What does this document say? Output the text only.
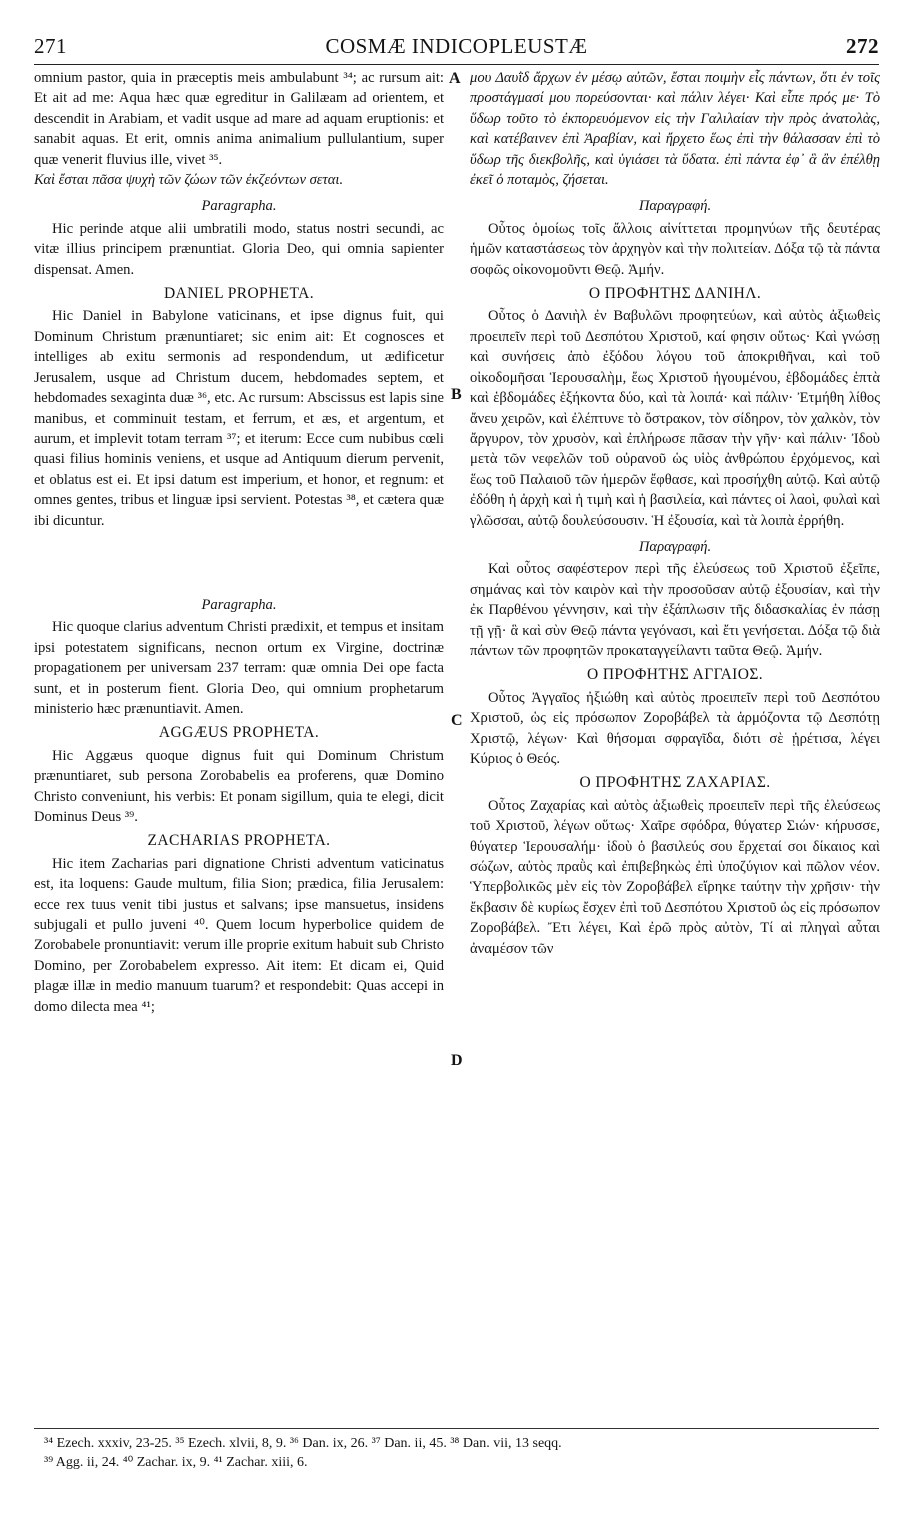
271	COSMÆ INDICOPLEUSTÆ	272

omnium pastor, quia in præceptis meis ambulabunt ³⁴; ac rursum ait: Et ait ad me: Aqua hæc quæ egreditur in Galilæam ad orientem, et descendit in Arabiam, et vadit usque ad mare ad aquam eruptionis: et sanabit aquas. Et erit, omnis anima animalium pullulantium, super quæ venerit fluvius ille, vivet ³⁵.

Καὶ ἔσται πᾶσα ψυχὴ τῶν ζώων τῶν ἐκζεόντων σεται.

Paragrapha.

Hic perinde atque alii umbratili modo, status nostri secundi, ac vitæ illius principem prænuntiat. Gloria Deo, qui omnia sapienter dispensat. Amen.

DANIEL PROPHETA.

Hic Daniel in Babylone vaticinans, et ipse dignus fuit, qui Dominum Christum prænuntiaret; sic enim ait: Et cognosces et intelliges ab exitu sermonis ad respondendum, ut ædificetur Jerusalem, usque ad Christum ducem, hebdomades septem, et hebdomades sexaginta duæ ³⁶, etc. Ac rursum: Abscissus est lapis sine manibus, et comminuit testam, et ferrum, et æs, et argentum, et aurum, et implevit totam terram ³⁷; et iterum: Ecce cum nubibus cœli quasi filius hominis veniens, et usque ad Antiquum dierum pervenit, et oblatus est ei. Et ipsi datum est imperium, et honor, et regnum: et omnes gentes, tribus et linguæ ipsi servient. Potestas ³⁸, et cætera quæ ibi dicuntur.

Paragrapha.

Hic quoque clarius adventum Christi prædixit, et tempus et insitam ipsi potestatem significans, necnon ortum ex Virgine, doctrinæ propagationem per universam 237 terram: quæ omnia Dei ope facta sunt, et in posterum fient. Gloria Deo, qui omnium prophetarum ministerio hæc prænuntiavit. Amen.

AGGÆUS PROPHETA.

Hic Aggæus quoque dignus fuit qui Dominum Christum prænuntiaret, sub persona Zorobabelis ea proferens, quæ Domino Christo conveniunt, his verbis: Et ponam sigillum, quia te elegi, dicit Dominus Deus ³⁹.

ZACHARIAS PROPHETA.

Hic item Zacharias pari dignatione Christi adventum vaticinatus est, ita loquens: Gaude multum, filia Sion; prædica, filia Jerusalem: ecce rex tuus venit tibi justus et salvans; ipse mansuetus, insidens subjugali et pullo juveni ⁴⁰. Quem locum hyperbolice quidem de Zorobabele pronuntiavit: verum ille proprie exitum habuit sub Christo Domino, per Zorobabelem expresso. Ait item: Et dicam ei, Quid plagæ illæ in medio manuum tuarum? et respondebit: Quas accepi in domo dilecta mea ⁴¹;

A
B
C
D

μου Δαυῒδ ἄρχων ἐν μέσῳ αὐτῶν, ἔσται ποιμὴν εἷς πάντων, ὅτι ἐν τοῖς προστάγμασί μου πορεύσονται· καὶ πάλιν λέγει· Καὶ εἶπε πρός με· Τὸ ὕδωρ τοῦτο τὸ ἐκπορευόμενον εἰς τὴν Γαλιλαίαν τὴν πρὸς ἀνατολὰς, καὶ κατέβαινεν ἐπὶ Ἀραβίαν, καὶ ἤρχετο ἕως ἐπὶ τὴν θάλασσαν ἐπὶ τὸ ὕδωρ τῆς διεκβολῆς, καὶ ὑγιάσει τὰ ὕδατα. ἐπὶ πάντα ἐφ᾽ ἃ ἂν ἐπέλθῃ ἐκεῖ ὁ ποταμὸς, ζήσεται.

Παραγραφή.

Οὗτος ὁμοίως τοῖς ἄλλοις αἰνίττεται προμηνύων τῆς δευτέρας ἡμῶν καταστάσεως τὸν ἀρχηγὸν καὶ τὴν πολιτείαν. Δόξα τῷ τὰ πάντα σοφῶς οἰκονομοῦντι Θεῷ. Ἀμήν.

Ο ΠΡΟΦΗΤΗΣ ΔΑΝΙΗΛ.

Οὗτος ὁ Δανιὴλ ἐν Βαβυλῶνι προφητεύων, καὶ αὐτὸς ἀξιωθεὶς προειπεῖν περὶ τοῦ Δεσπότου Χριστοῦ, καί φησιν οὕτως· Καὶ γνώσῃ καὶ συνήσεις ἀπὸ ἐξόδου λόγου τοῦ ἀποκριθῆναι, καὶ τοῦ οἰκοδομῆσαι Ἱερουσαλὴμ, ἕως Χριστοῦ ἡγουμένου, ἑβδομάδες ἑπτὰ καὶ ἑβδομάδες ἑξήκοντα δύο, καὶ τὰ λοιπά· καὶ πάλιν· Ἐτμήθη λίθος ἄνευ χειρῶν, καὶ ἐλέπτυνε τὸ ὄστρακον, τὸν σίδηρον, τὸν χαλκὸν, τὸν ἄργυρον, τὸν χρυσὸν, καὶ ἐπλήρωσε πᾶσαν τὴν γῆν· καὶ πάλιν· Ἰδοὺ μετὰ τῶν νεφελῶν τοῦ οὐρανοῦ ὡς υἱὸς ἀνθρώπου ἐρχόμενος, καὶ ἕως τοῦ Παλαιοῦ τῶν ἡμερῶν ἔφθασε, καὶ προσήχθη αὐτῷ. Καὶ αὐτῷ ἐδόθη ἡ ἀρχὴ καὶ ἡ τιμὴ καὶ ἡ βασιλεία, καὶ πάντες οἱ λαοὶ, φυλαὶ καὶ γλῶσσαι, αὐτῷ δουλεύσουσιν. Ἡ ἐξουσία, καὶ τὰ λοιπὰ ἐρρήθη.

Παραγραφή.

Καὶ οὗτος σαφέστερον περὶ τῆς ἐλεύσεως τοῦ Χριστοῦ ἐξεῖπε, σημάνας καὶ τὸν καιρὸν καὶ τὴν προσοῦσαν αὐτῷ ἐξουσίαν, καὶ τὴν ἐκ Παρθένου γέννησιν, καὶ τὴν ἐξάπλωσιν τῆς διδασκαλίας ἐν πάσῃ τῇ γῇ· ἃ καὶ σὺν Θεῷ πάντα γεγόνασι, καὶ ἔτι γενήσεται. Δόξα τῷ διὰ πάντων τῶν προφητῶν προκαταγγείλαντι ταῦτα Θεῷ. Ἀμήν.

Ο ΠΡΟΦΗΤΗΣ ΑΓΓΑΙΟΣ.

Οὗτος Ἀγγαῖος ἠξιώθη καὶ αὐτὸς προειπεῖν περὶ τοῦ Δεσπότου Χριστοῦ, ὡς εἰς πρόσωπον Ζοροβάβελ τὰ ἁρμόζοντα τῷ Δεσπότῃ Χριστῷ, λέγων· Καὶ θήσομαι σφραγῖδα, διότι σὲ ᾑρέτισα, λέγει Κύριος ὁ Θεός.

Ο ΠΡΟΦΗΤΗΣ ΖΑΧΑΡΙΑΣ.

Οὗτος Ζαχαρίας καὶ αὐτὸς ἀξιωθεὶς προειπεῖν περὶ τῆς ἐλεύσεως τοῦ Χριστοῦ, λέγων οὕτως· Χαῖρε σφόδρα, θύγατερ Σιών· κήρυσσε, θύγατερ Ἱερουσαλήμ· ἰδοὺ ὁ βασιλεύς σου ἔρχεταί σοι δίκαιος καὶ σώζων, αὐτὸς πραῢς καὶ ἐπιβεβηκὼς ἐπὶ ὑποζύγιον καὶ πῶλον νέον. Ὑπερβολικῶς μὲν εἰς τὸν Ζοροβάβελ εἴρηκε ταύτην τὴν χρῆσιν· τὴν ἔκβασιν δὲ κυρίως ἔσχεν ἐπὶ τοῦ Δεσπότου Χριστοῦ ὡς εἰς πρόσωπον Ζοροβάβελ. Ἔτι λέγει, Καὶ ἐρῶ πρὸς αὐτὸν, Τί αἱ πληγαὶ αὗται ἀναμέσον τῶν

³⁴ Ezech. xxxiv, 23-25. ³⁵ Ezech. xlvii, 8, 9. ³⁶ Dan. ix, 26. ³⁷ Dan. ii, 45. ³⁸ Dan. vii, 13 seqq.
³⁹ Agg. ii, 24. ⁴⁰ Zachar. ix, 9. ⁴¹ Zachar. xiii, 6.
